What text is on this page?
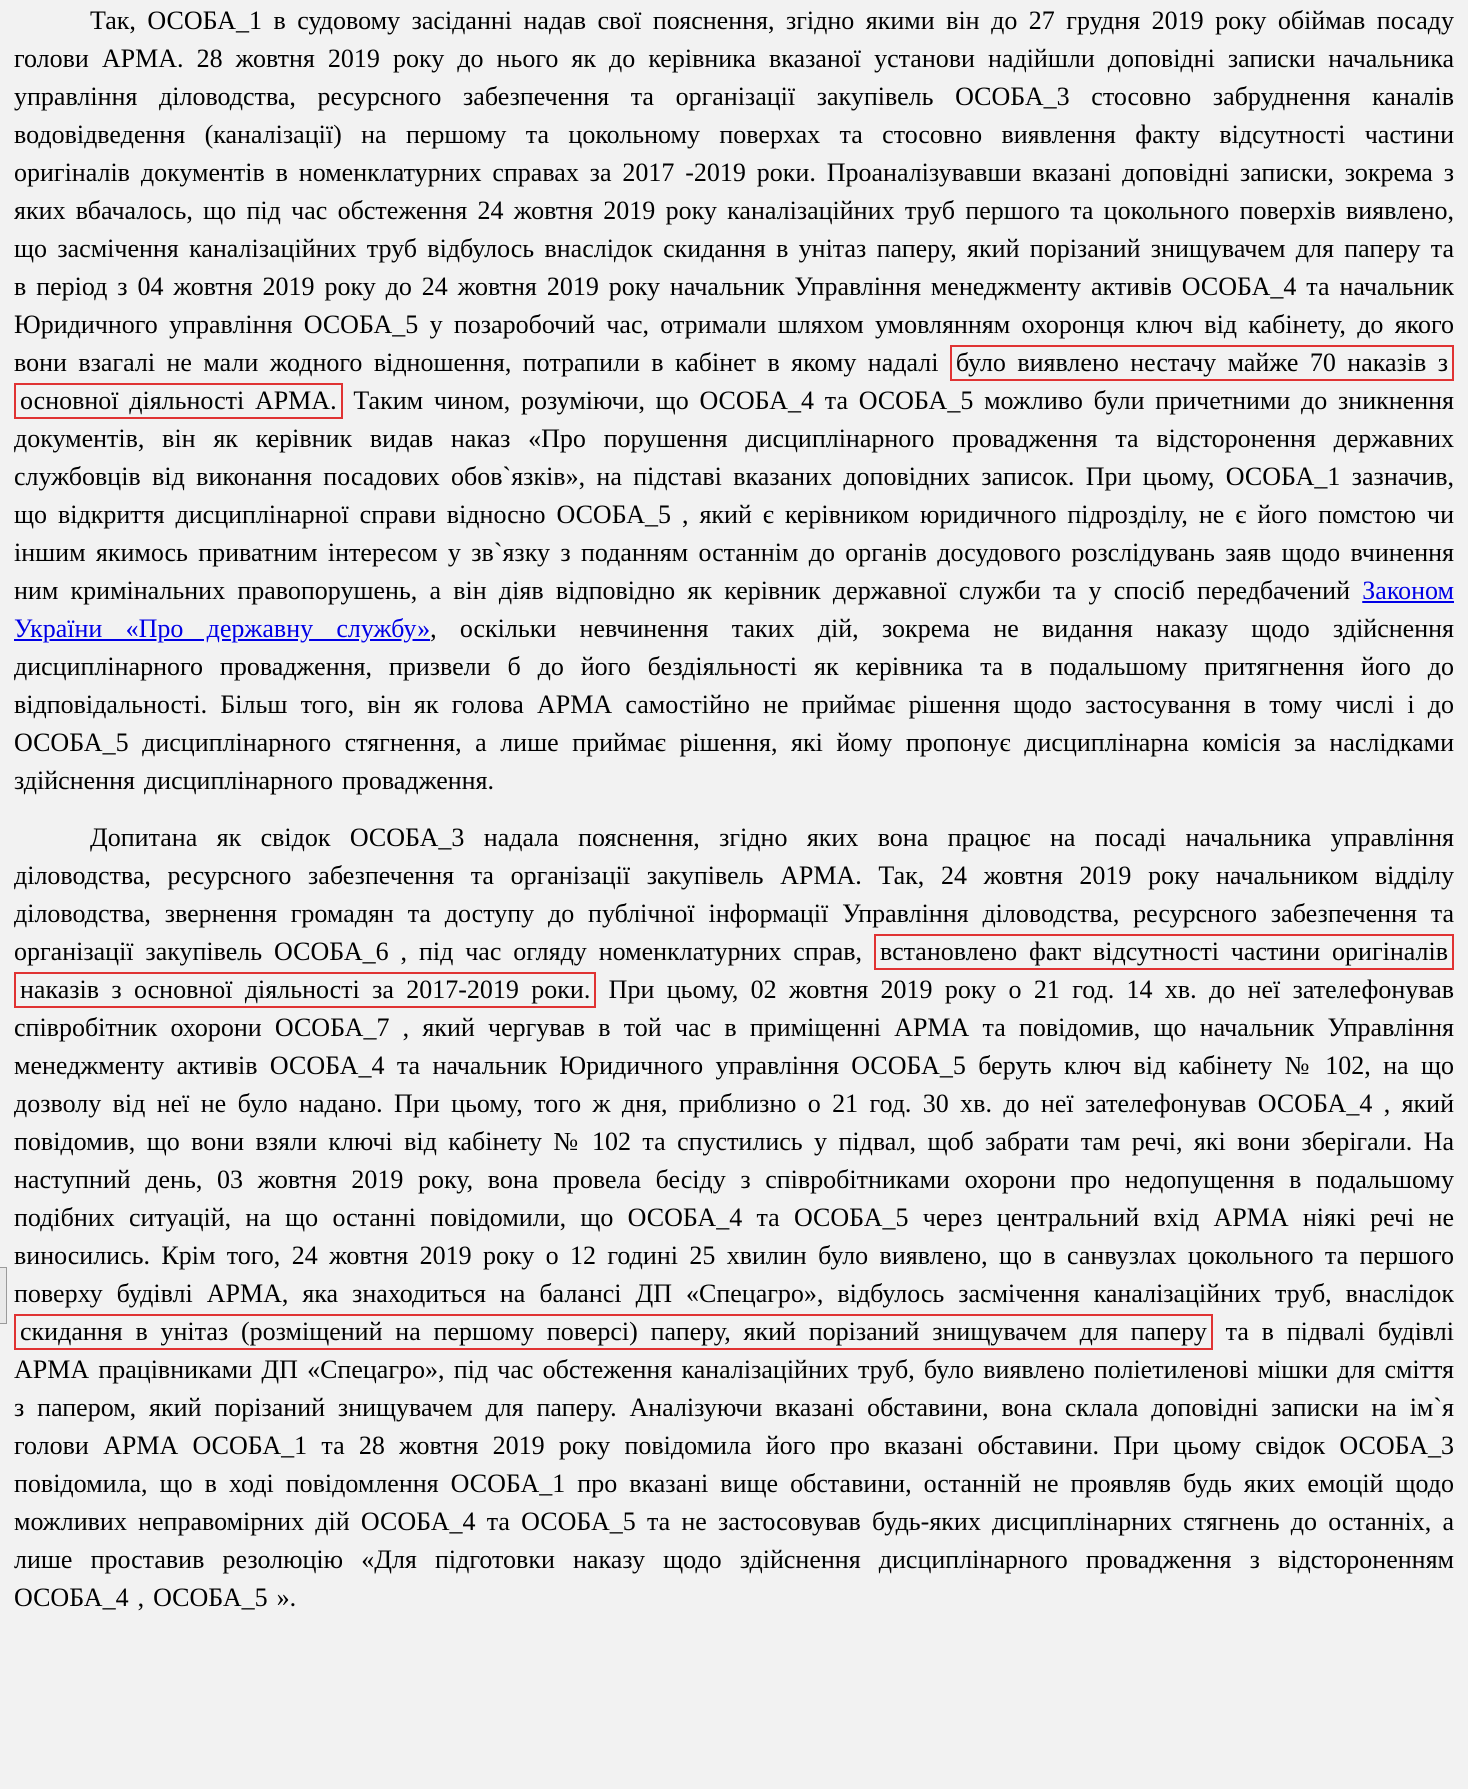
Так, ОСОБА_1 в судовому засіданні надав свої пояснення, згідно якими він до 27 грудня 2019 року обіймав посаду голови АРМА. 28 жовтня 2019 року до нього як до керівника вказаної установи надійшли доповідні записки начальника управління діловодства, ресурсного забезпечення та організації закупівель ОСОБА_3 стосовно забруднення каналів водовідведення (каналізації) на першому та цокольному поверхах та стосовно виявлення факту відсутності частини оригіналів документів в номенклатурних справах за 2017 -2019 роки. Проаналізувавши вказані доповідні записки, зокрема з яких вбачалось, що під час обстеження 24 жовтня 2019 року каналізаційних труб першого та цокольного поверхів виявлено, що засмічення каналізаційних труб відбулось внаслідок скидання в унітаз паперу, який порізаний знищувачем для паперу та в період з 04 жовтня 2019 року до 24 жовтня 2019 року начальник Управління менеджменту активів ОСОБА_4 та начальник Юридичного управління ОСОБА_5 у позаробочий час, отримали шляхом умовлянням охоронця ключ від кабінету, до якого вони взагалі не мали жодного відношення, потрапили в кабінет в якому надалі було виявлено нестачу майже 70 наказів з основної діяльності АРМА. Таким чином, розуміючи, що ОСОБА_4 та ОСОБА_5 можливо були причетними до зникнення документів, він як керівник видав наказ «Про порушення дисциплінарного провадження та відсторонення державних службовців від виконання посадових обов`язків», на підставі вказаних доповідних записок. При цьому, ОСОБА_1 зазначив, що відкриття дисциплінарної справи відносно ОСОБА_5 , який є керівником юридичного підрозділу, не є його помстою чи іншим якимось приватним інтересом у зв`язку з поданням останнім до органів досудового розслідувань заяв щодо вчинення ним кримінальних правопорушень, а він діяв відповідно як керівник державної служби та у спосіб передбачений Законом України «Про державну службу», оскільки невчинення таких дій, зокрема не видання наказу щодо здійснення дисциплінарного провадження, призвели б до його бездіяльності як керівника та в подальшому притягнення його до відповідальності. Більш того, він як голова АРМА самостійно не приймає рішення щодо застосування в тому числі і до ОСОБА_5 дисциплінарного стягнення, а лише приймає рішення, які йому пропонує дисциплінарна комісія за наслідками здійснення дисциплінарного провадження.

Допитана як свідок ОСОБА_3 надала пояснення, згідно яких вона працює на посаді начальника управління діловодства, ресурсного забезпечення та організації закупівель АРМА. Так, 24 жовтня 2019 року начальником відділу діловодства, звернення громадян та доступу до публічної інформації Управління діловодства, ресурсного забезпечення та організації закупівель ОСОБА_6 , під час огляду номенклатурних справ, встановлено факт відсутності частини оригіналів наказів з основної діяльності за 2017-2019 роки. При цьому, 02 жовтня 2019 року о 21 год. 14 хв. до неї зателефонував співробітник охорони ОСОБА_7 , який чергував в той час в приміщенні АРМА та повідомив, що начальник Управління менеджменту активів ОСОБА_4 та начальник Юридичного управління ОСОБА_5 беруть ключ від кабінету № 102, на що дозволу від неї не було надано. При цьому, того ж дня, приблизно о 21 год. 30 хв. до неї зателефонував ОСОБА_4 , який повідомив, що вони взяли ключі від кабінету № 102 та спустились у підвал, щоб забрати там речі, які вони зберігали. На наступний день, 03 жовтня 2019 року, вона провела бесіду з співробітниками охорони про недопущення в подальшому подібних ситуацій, на що останні повідомили, що ОСОБА_4 та ОСОБА_5 через центральний вхід АРМА ніякі речі не виносились. Крім того, 24 жовтня 2019 року о 12 годині 25 хвилин було виявлено, що в санвузлах цокольного та першого поверху будівлі АРМА, яка знаходиться на балансі ДП «Спецагро», відбулось засмічення каналізаційних труб, внаслідок скидання в унітаз (розміщений на першому поверсі) паперу, який порізаний знищувачем для паперу та в підвалі будівлі АРМА працівниками ДП «Спецагро», під час обстеження каналізаційних труб, було виявлено поліетиленові мішки для сміття з папером, який порізаний знищувачем для паперу. Аналізуючи вказані обставини, вона склала доповідні записки на ім`я голови АРМА ОСОБА_1 та 28 жовтня 2019 року повідомила його про вказані обставини. При цьому свідок ОСОБА_3 повідомила, що в ході повідомлення ОСОБА_1 про вказані вище обставини, останній не проявляв будь яких емоцій щодо можливих неправомірних дій ОСОБА_4 та ОСОБА_5 та не застосовував будь-яких дисциплінарних стягнень до останніх, а лише проставив резолюцію «Для підготовки наказу щодо здійснення дисциплінарного провадження з відстороненням ОСОБА_4 , ОСОБА_5 ».
